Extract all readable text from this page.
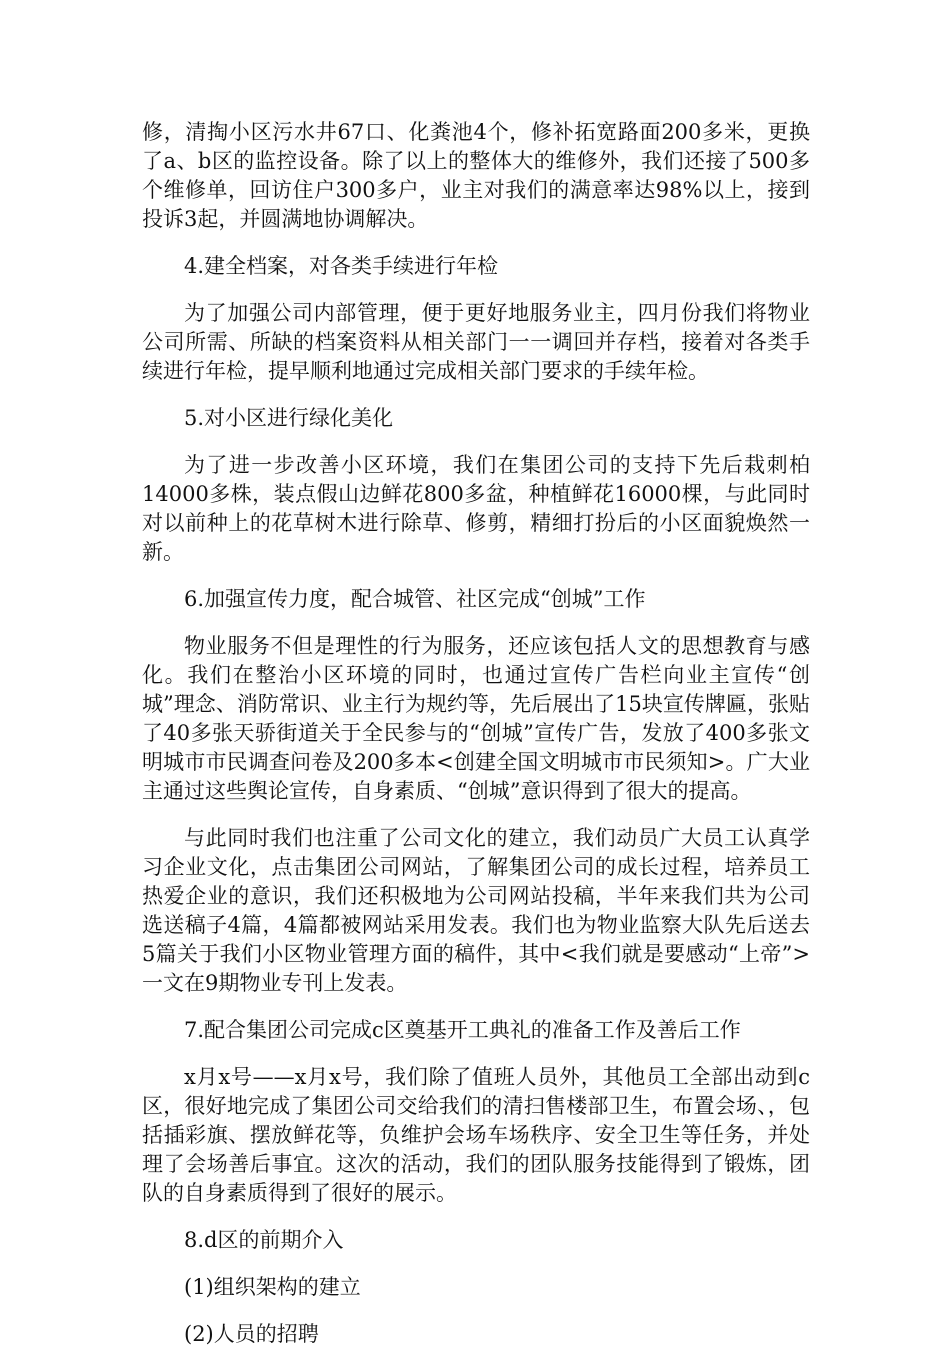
修，清掏小区污水井67口、化粪池4个，修补拓宽路面200多米，更换了a、b区的监控设备。除了以上的整体大的维修外，我们还接了500多个维修单，回访住户300多户，业主对我们的满意率达98%以上，接到投诉3起，并圆满地协调解决。

4.建全档案，对各类手续进行年检

为了加强公司内部管理，便于更好地服务业主，四月份我们将物业公司所需、所缺的档案资料从相关部门一一调回并存档，接着对各类手续进行年检，提早顺利地通过完成相关部门要求的手续年检。

5.对小区进行绿化美化

为了进一步改善小区环境，我们在集团公司的支持下先后栽刺柏14000多株，装点假山边鲜花800多盆，种植鲜花16000棵，与此同时对以前种上的花草树木进行除草、修剪，精细打扮后的小区面貌焕然一新。

6.加强宣传力度，配合城管、社区完成“创城”工作

物业服务不但是理性的行为服务，还应该包括人文的思想教育与感化。我们在整治小区环境的同时，也通过宣传广告栏向业主宣传“创城”理念、消防常识、业主行为规约等，先后展出了15块宣传牌匾，张贴了40多张天骄街道关于全民参与的“创城”宣传广告，发放了400多张文明城市市民调查问卷及200多本<创建全国文明城市市民须知>。广大业主通过这些舆论宣传，自身素质、“创城”意识得到了很大的提高。

与此同时我们也注重了公司文化的建立，我们动员广大员工认真学习企业文化，点击集团公司网站，了解集团公司的成长过程，培养员工热爱企业的意识，我们还积极地为公司网站投稿，半年来我们共为公司选送稿子4篇，4篇都被网站采用发表。我们也为物业监察大队先后送去5篇关于我们小区物业管理方面的稿件，其中<我们就是要感动“上帝”>一文在9期物业专刊上发表。

7.配合集团公司完成c区奠基开工典礼的准备工作及善后工作

x月x号——x月x号，我们除了值班人员外，其他员工全部出动到c区，很好地完成了集团公司交给我们的清扫售楼部卫生，布置会场、，包括插彩旗、摆放鲜花等，负维护会场车场秩序、安全卫生等任务，并处理了会场善后事宜。这次的活动，我们的团队服务技能得到了锻炼，团队的自身素质得到了很好的展示。

8.d区的前期介入

(1)组织架构的建立

(2)人员的招聘
